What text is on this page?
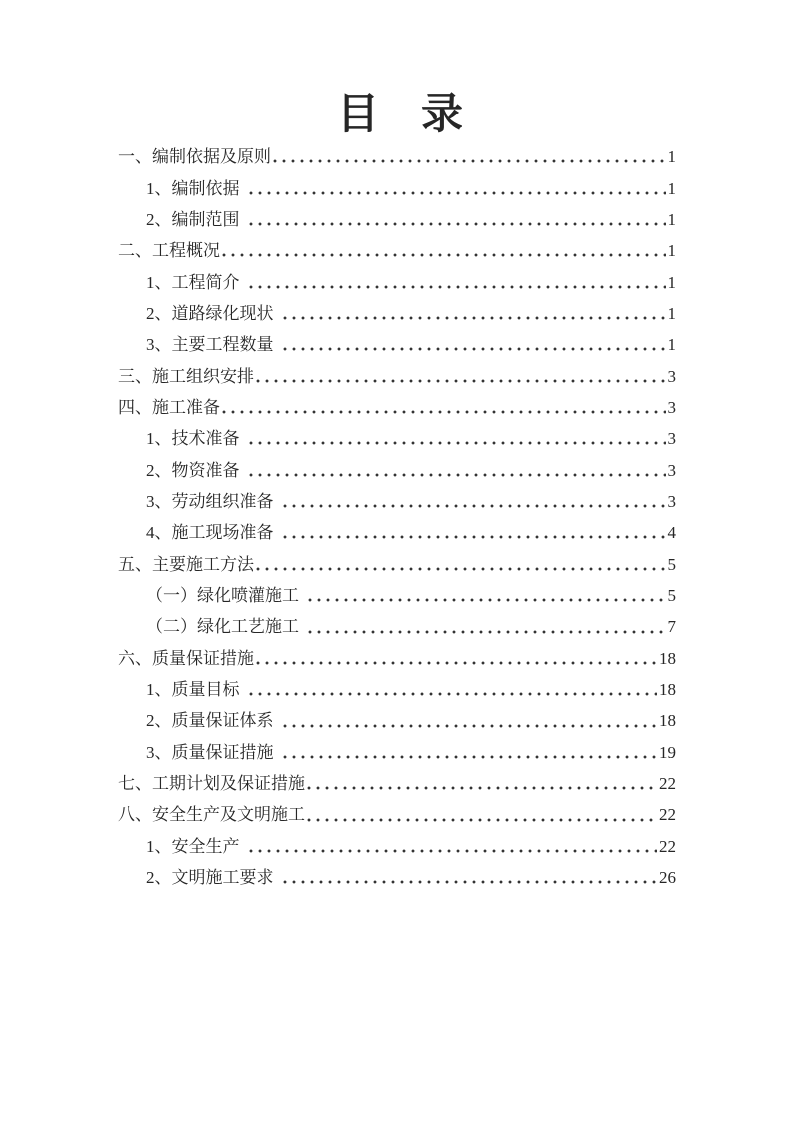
目　录
一、编制依据及原则	1
1、编制依据	1
2、编制范围	1
二、工程概况	1
1、工程简介	1
2、道路绿化现状	1
3、主要工程数量	1
三、施工组织安排	3
四、施工准备	3
1、技术准备	3
2、物资准备	3
3、劳动组织准备	3
4、施工现场准备	4
五、主要施工方法	5
（一）绿化喷灌施工	5
（二）绿化工艺施工	7
六、质量保证措施	18
1、质量目标	18
2、质量保证体系	18
3、质量保证措施	19
七、工期计划及保证措施	22
八、安全生产及文明施工	22
1、安全生产	22
2、文明施工要求	26
